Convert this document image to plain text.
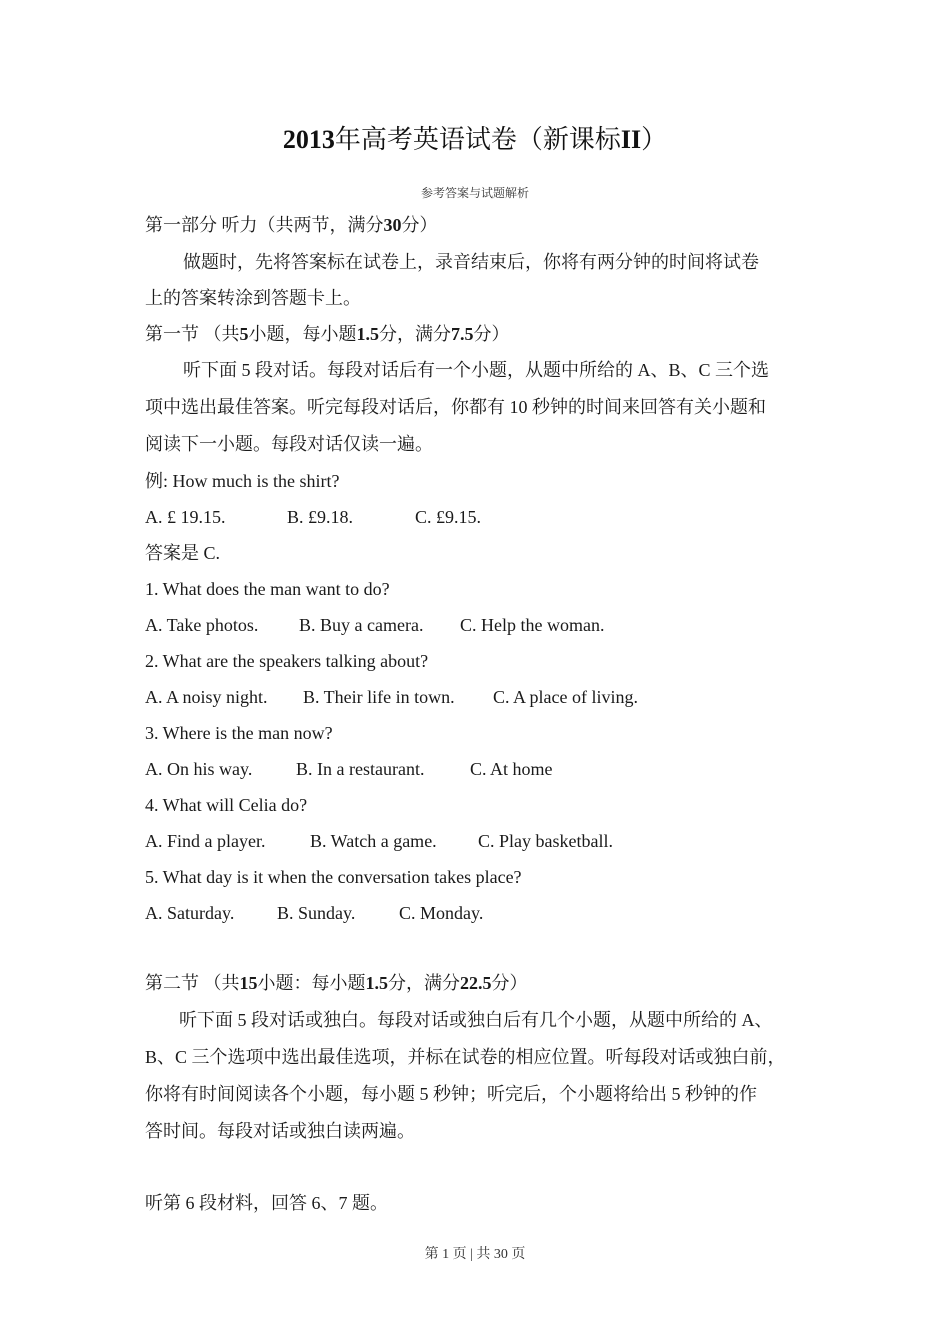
2013年高考英语试卷（新课标II）
参考答案与试题解析
第一部分 听力（共两节，满分30分）
做题时，先将答案标在试卷上，录音结束后，你将有两分钟的时间将试卷
上的答案转涂到答题卡上。
第一节 （共5小题，每小题1.5分，满分7.5分）
听下面 5 段对话。每段对话后有一个小题，从题中所给的 A、B、C 三个选
项中选出最佳答案。听完每段对话后，你都有 10 秒钟的时间来回答有关小题和
阅读下一小题。每段对话仅读一遍。
例: How much is the shirt?
A. £ 19.15.	B. £9.18.	C. £9.15.
答案是 C.
1. What does the man want to do?
A. Take photos. B. Buy a camera. C. Help the woman.
2. What are the speakers talking about?
A. A noisy night. B. Their life in town. C. A place of living.
3. Where is the man now?
A. On his way. B. In a restaurant.	C. At home
4. What will Celia do?
A. Find a player. B. Watch a game. C. Play basketball.
5. What day is it when the conversation takes place?
A. Saturday. B. Sunday. C. Monday.
第二节 （共15小题：每小题1.5分，满分22.5分）
听下面 5 段对话或独白。每段对话或独白后有几个小题，从题中所给的 A、
B、C 三个选项中选出最佳选项，并标在试卷的相应位置。听每段对话或独白前，
你将有时间阅读各个小题，每小题 5 秒钟；听完后，个小题将给出 5 秒钟的作
答时间。每段对话或独白读两遍。
听第 6 段材料，回答 6、7 题。
第 1 页 | 共 30 页
